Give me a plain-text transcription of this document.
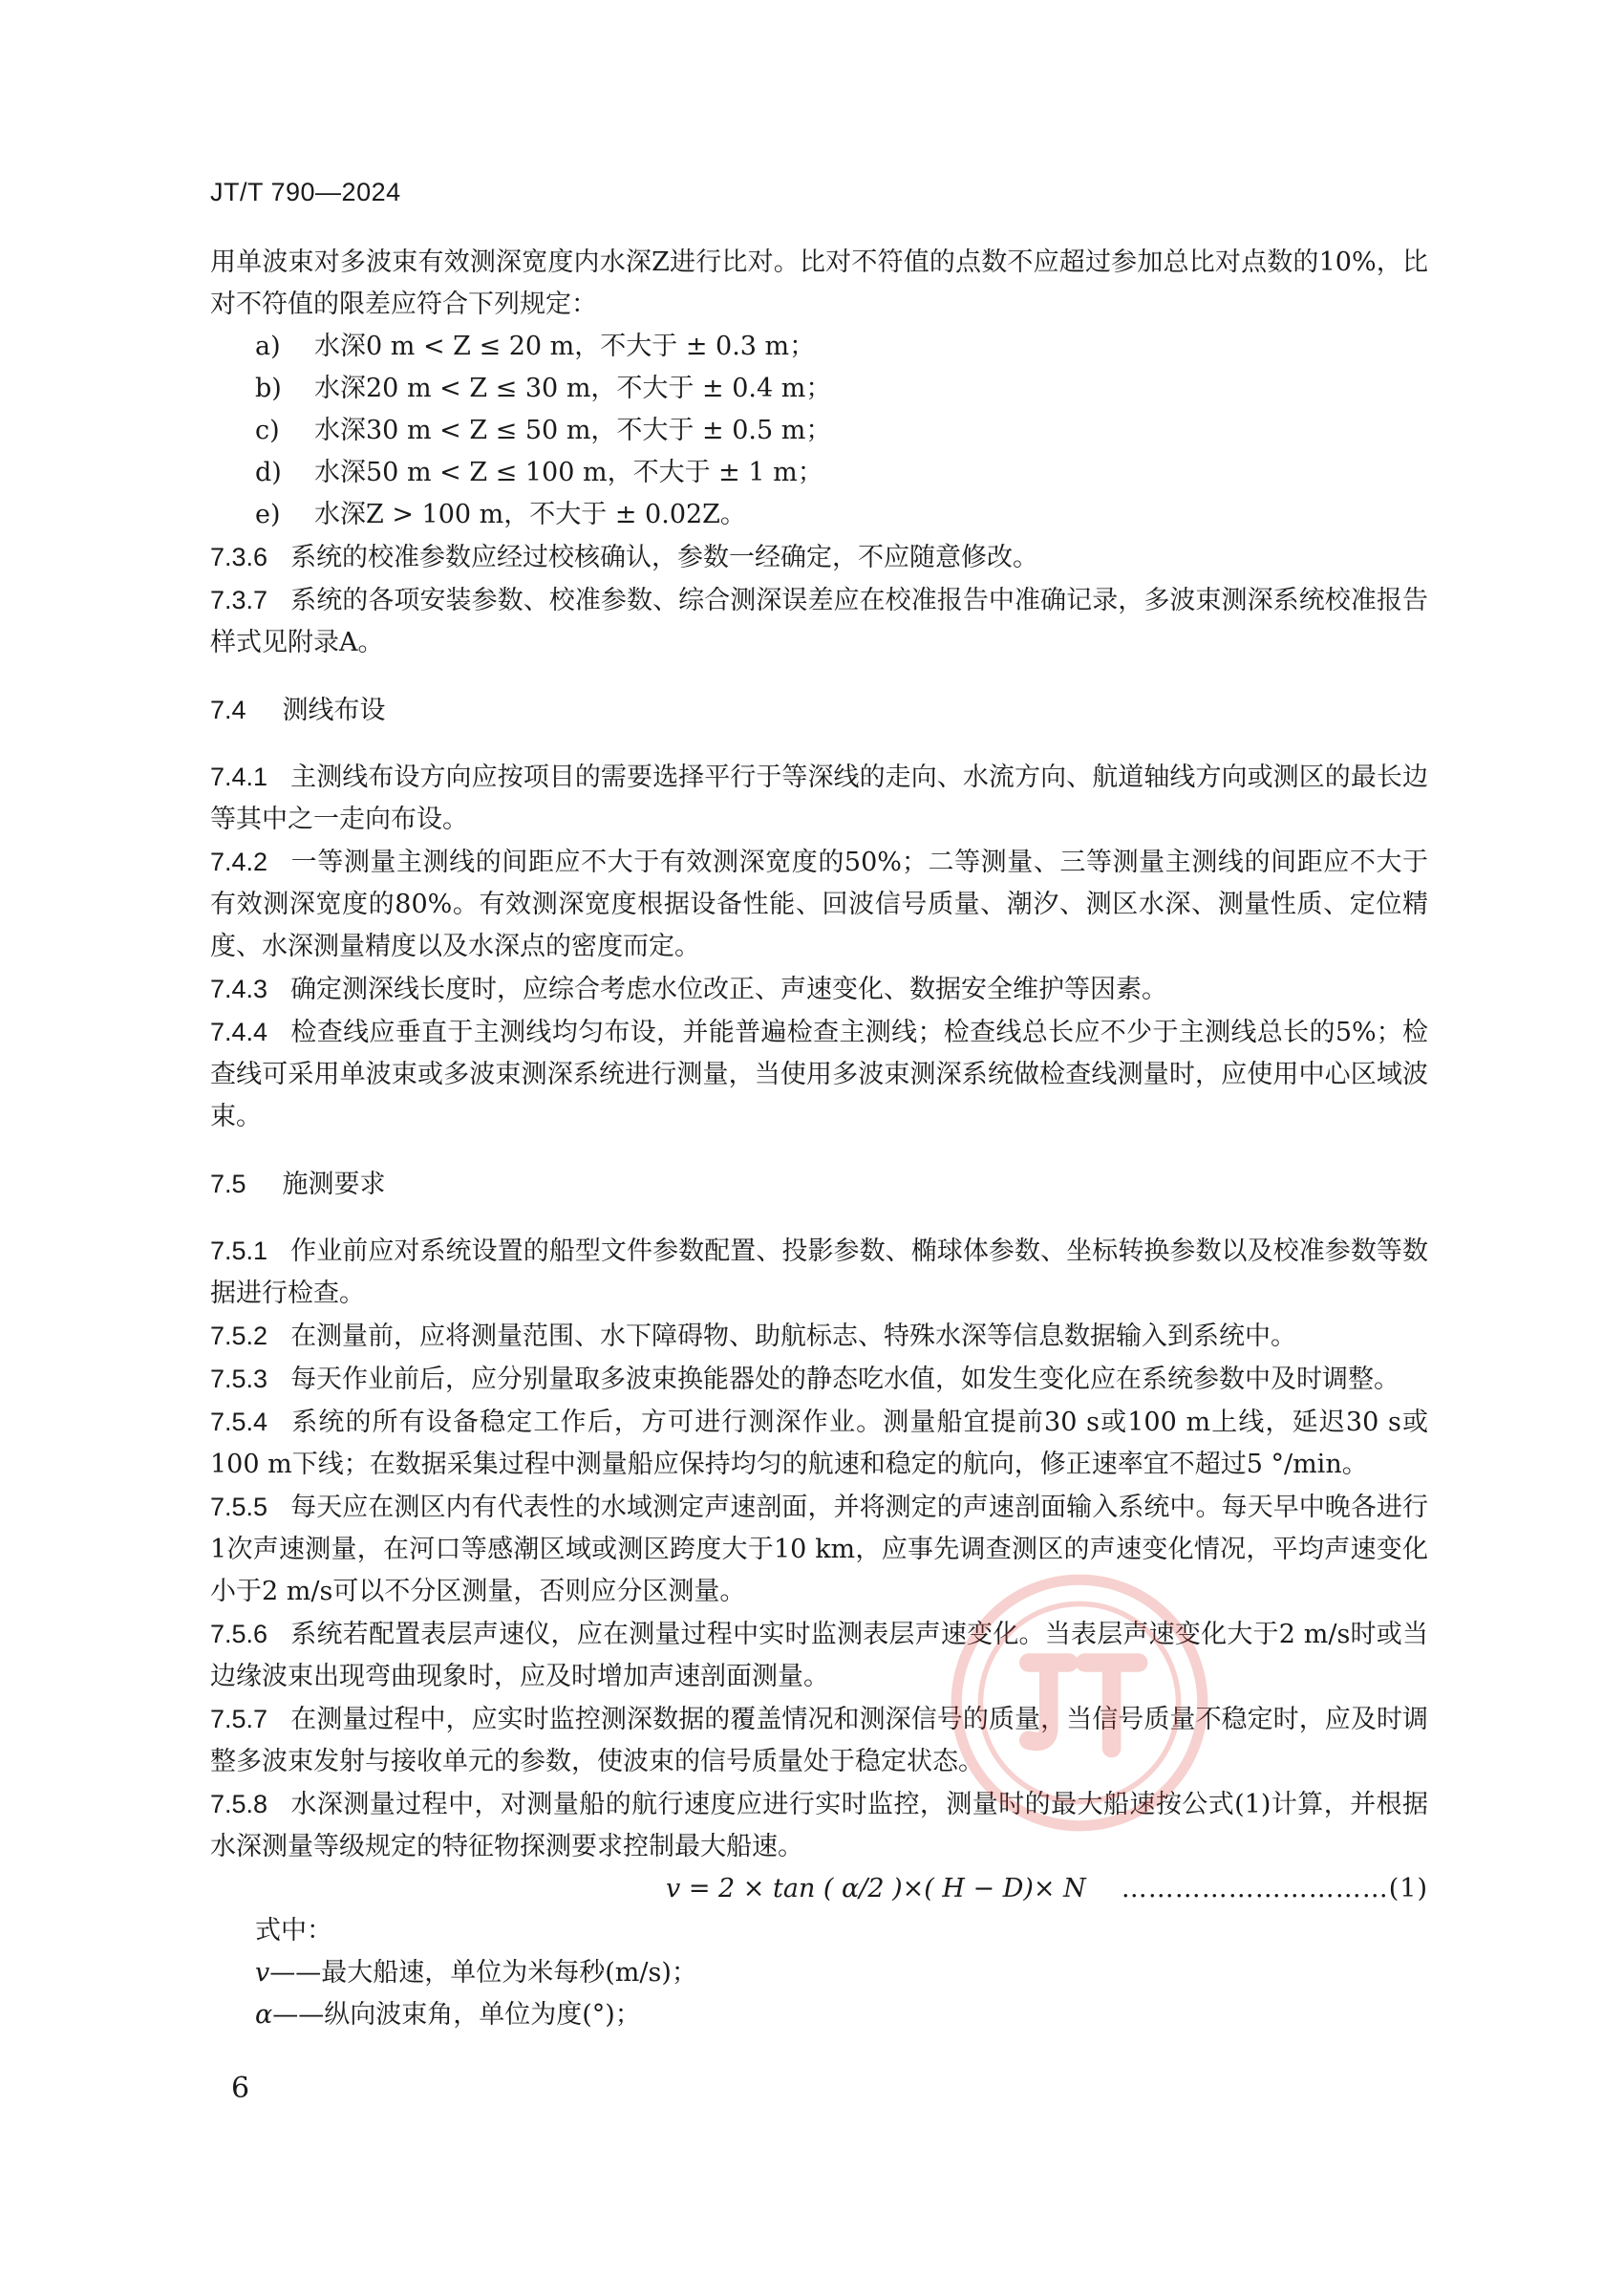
JT/T 790—2024

用单波束对多波束有效测深宽度内水深Z进行比对。比对不符值的点数不应超过参加总比对点数的10%，比对不符值的限差应符合下列规定：

a) 水深0 m < Z ≤ 20 m，不大于 ± 0.3 m；

b) 水深20 m < Z ≤ 30 m，不大于 ± 0.4 m；

c) 水深30 m < Z ≤ 50 m，不大于 ± 0.5 m；

d) 水深50 m < Z ≤ 100 m，不大于 ± 1 m；

e) 水深Z > 100 m，不大于 ± 0.02Z。

7.3.6 系统的校准参数应经过校核确认，参数一经确定，不应随意修改。

7.3.7 系统的各项安装参数、校准参数、综合测深误差应在校准报告中准确记录，多波束测深系统校准报告样式见附录A。

7.4 测线布设

7.4.1 主测线布设方向应按项目的需要选择平行于等深线的走向、水流方向、航道轴线方向或测区的最长边等其中之一走向布设。

7.4.2 一等测量主测线的间距应不大于有效测深宽度的50%；二等测量、三等测量主测线的间距应不大于有效测深宽度的80%。有效测深宽度根据设备性能、回波信号质量、潮汐、测区水深、测量性质、定位精度、水深测量精度以及水深点的密度而定。

7.4.3 确定测深线长度时，应综合考虑水位改正、声速变化、数据安全维护等因素。

7.4.4 检查线应垂直于主测线均匀布设，并能普遍检查主测线；检查线总长应不少于主测线总长的5%；检查线可采用单波束或多波束测深系统进行测量，当使用多波束测深系统做检查线测量时，应使用中心区域波束。

7.5 施测要求

7.5.1 作业前应对系统设置的船型文件参数配置、投影参数、椭球体参数、坐标转换参数以及校准参数等数据进行检查。

7.5.2 在测量前，应将测量范围、水下障碍物、助航标志、特殊水深等信息数据输入到系统中。

7.5.3 每天作业前后，应分别量取多波束换能器处的静态吃水值，如发生变化应在系统参数中及时调整。

7.5.4 系统的所有设备稳定工作后，方可进行测深作业。测量船宜提前30 s或100 m上线，延迟30 s或100 m下线；在数据采集过程中测量船应保持均匀的航速和稳定的航向，修正速率宜不超过5 °/min。

7.5.5 每天应在测区内有代表性的水域测定声速剖面，并将测定的声速剖面输入系统中。每天早中晚各进行1次声速测量，在河口等感潮区域或测区跨度大于10 km，应事先调查测区的声速变化情况，平均声速变化小于2 m/s可以不分区测量，否则应分区测量。

7.5.6 系统若配置表层声速仪，应在测量过程中实时监测表层声速变化。当表层声速变化大于2 m/s时或当边缘波束出现弯曲现象时，应及时增加声速剖面测量。

7.5.7 在测量过程中，应实时监控测深数据的覆盖情况和测深信号的质量，当信号质量不稳定时，应及时调整多波束发射与接收单元的参数，使波束的信号质量处于稳定状态。

7.5.8 水深测量过程中，对测量船的航行速度应进行实时监控，测量时的最大船速按公式(1)计算，并根据水深测量等级规定的特征物探测要求控制最大船速。

v = 2 × tan ( α/2 )×( H − D)× N …………………………(1)

式中：

v——最大船速，单位为米每秒(m/s)；

α——纵向波束角，单位为度(°)；

6
